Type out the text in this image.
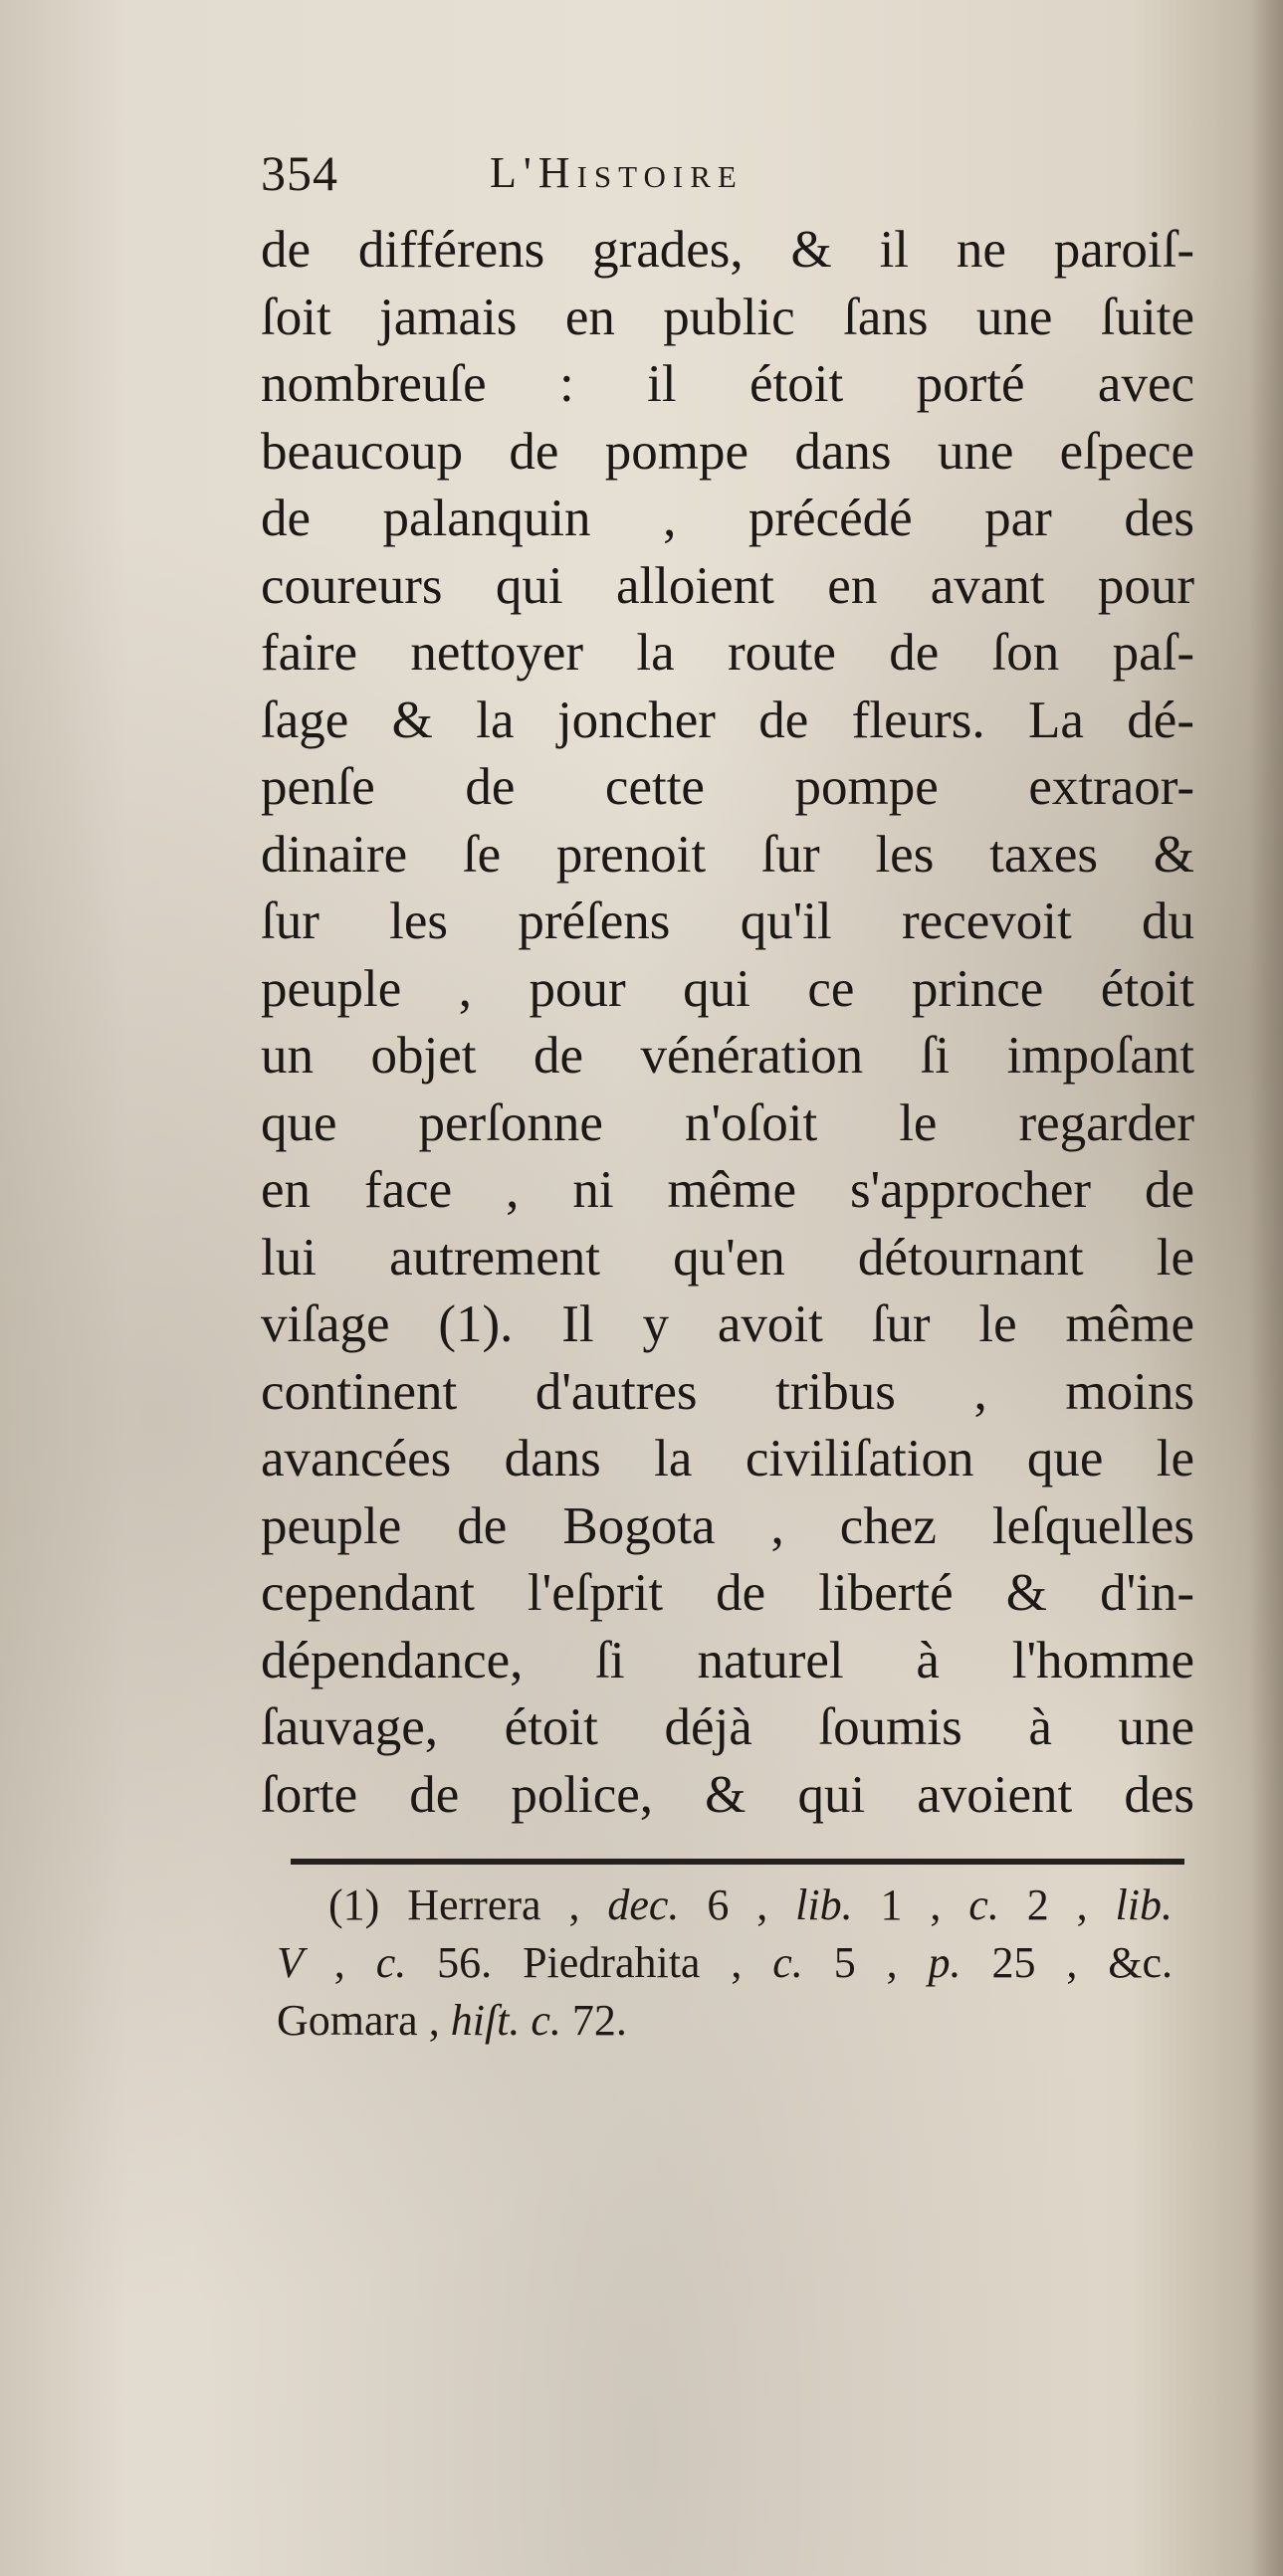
354	L'Histoire
de différens grades, & il ne paroiſ-
ſoit jamais en public ſans une ſuite
nombreuſe : il étoit porté avec
beaucoup de pompe dans une eſpece
de palanquin , précédé par des
coureurs qui alloient en avant pour
faire nettoyer la route de ſon paſ-
ſage & la joncher de fleurs. La dé-
penſe de cette pompe extraor-
dinaire ſe prenoit ſur les taxes &
ſur les préſens qu'il recevoit du
peuple , pour qui ce prince étoit
un objet de vénération ſi impoſant
que perſonne n'oſoit le regarder
en face , ni même s'approcher de
lui autrement qu'en détournant le
viſage (1). Il y avoit ſur le même
continent d'autres tribus , moins
avancées dans la civiliſation que le
peuple de Bogota , chez leſquelles
cependant l'eſprit de liberté & d'in-
dépendance, ſi naturel à l'homme
ſauvage, étoit déjà ſoumis à une
ſorte de police, & qui avoient des
(1) Herrera , dec. 6 , lib. 1 , c. 2 , lib.
V , c. 56. Piedrahita , c. 5 , p. 25 , &c.
Gomara , hiſt. c. 72.
